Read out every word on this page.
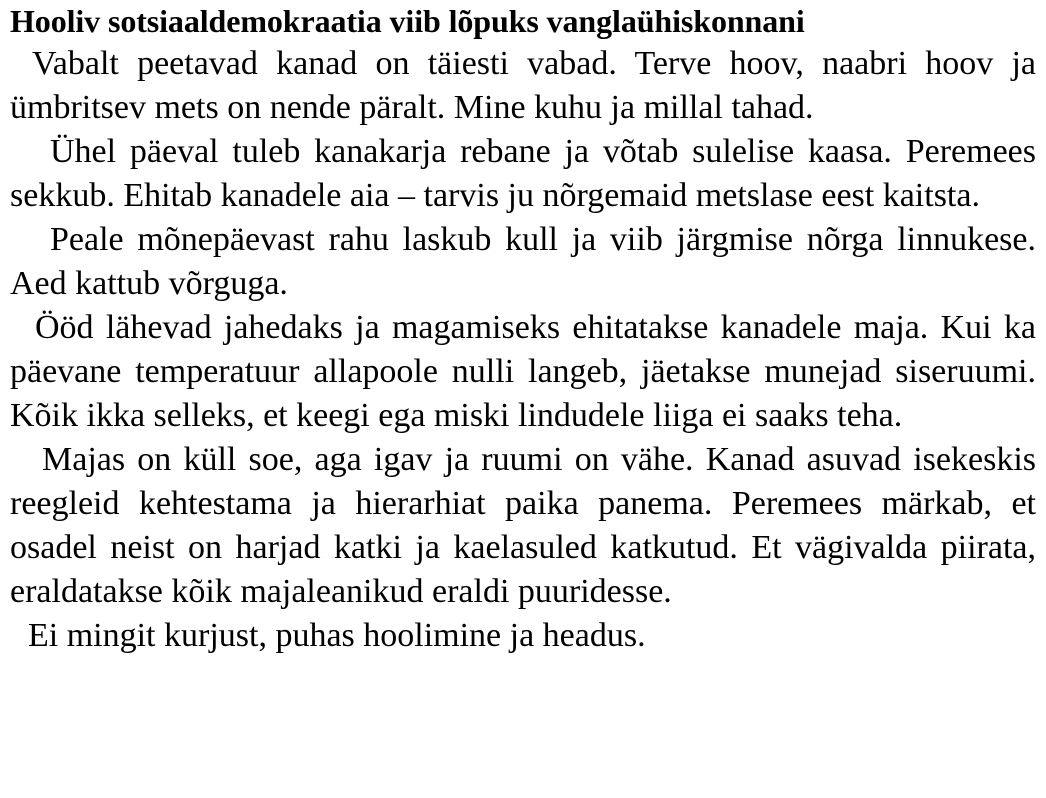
Hooliv sotsiaaldemokraatia viib lõpuks vanglaühiskonnani

Vabalt peetavad kanad on täiesti vabad. Terve hoov, naabri hoov ja ümbritsev mets on nende päralt. Mine kuhu ja millal tahad.

Ühel päeval tuleb kanakarja rebane ja võtab sulelise kaasa. Peremees sekkub. Ehitab kanadele aia – tarvis ju nõrgemaid metslase eest kaitsta.

Peale mõnepäevast rahu laskub kull ja viib järgmise nõrga linnukese. Aed kattub võrguga.

Ööd lähevad jahedaks ja magamiseks ehitatakse kanadele maja. Kui ka päevane temperatuur allapoole nulli langeb, jäetakse munejad siseruumi. Kõik ikka selleks, et keegi ega miski lindudele liiga ei saaks teha.

Majas on küll soe, aga igav ja ruumi on vähe. Kanad asuvad isekeskis reegleid kehtestama ja hierarhiat paika panema. Peremees märkab, et osadel neist on harjad katki ja kaelasuled katkutud. Et vägivalda piirata, eraldatakse kõik majaleanikud eraldi puuridesse.

Ei mingit kurjust, puhas hoolimine ja headus.
